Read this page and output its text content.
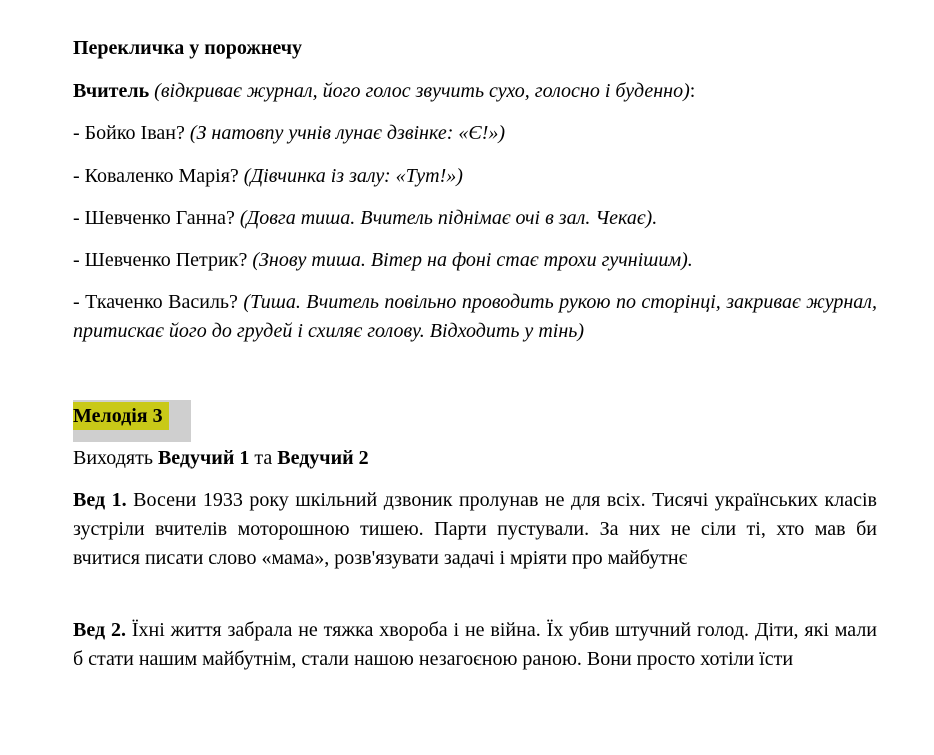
Перекличка у порожнечу

Вчитель (відкриває журнал, його голос звучить сухо, голосно і буденно):

- Бойко Іван? (З натовпу учнів лунає дзвінке: «Є!»)

- Коваленко Марія? (Дівчинка із залу: «Тут!»)

- Шевченко Ганна? (Довга тиша. Вчитель піднімає очі в зал. Чекає).

- Шевченко Петрик? (Знову тиша. Вітер на фоні стає трохи гучнішим).

- Ткаченко Василь? (Тиша. Вчитель повільно проводить рукою по сторінці, закриває журнал, притискає його до грудей і схиляє голову. Відходить у тінь)

Мелодія 3

Виходять Ведучий 1 та Ведучий 2

Вед 1. Восени 1933 року шкільний дзвоник пролунав не для всіх. Тисячі українських класів зустріли вчителів моторошною тишею. Парти пустували. За них не сіли ті, хто мав би вчитися писати слово «мама», розв'язувати задачі і мріяти про майбутнє

Вед 2. Їхні життя забрала не тяжка хвороба і не війна. Їх убив штучний голод. Діти, які мали б стати нашим майбутнім, стали нашою незагоєною раною. Вони просто хотіли їсти
